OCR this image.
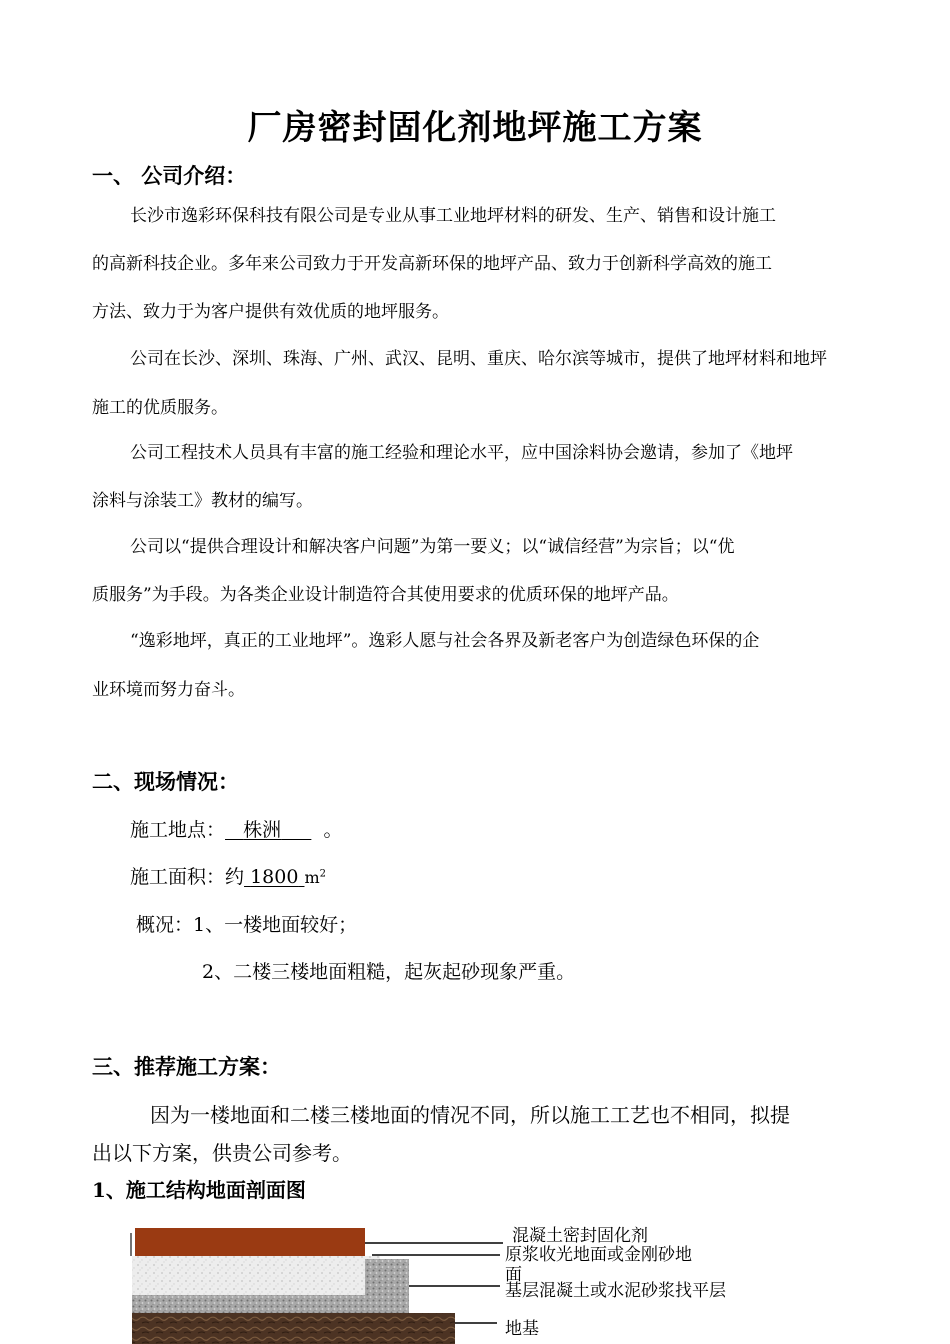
厂房密封固化剂地坪施工方案
一、 公司介绍：
长沙市逸彩环保科技有限公司是专业从事工业地坪材料的研发、生产、销售和设计施工
的高新科技企业。多年来公司致力于开发高新环保的地坪产品、致力于创新科学高效的施工
方法、致力于为客户提供有效优质的地坪服务。
公司在长沙、深圳、珠海、广州、武汉、昆明、重庆、哈尔滨等城市，提供了地坪材料和地坪
施工的优质服务。
公司工程技术人员具有丰富的施工经验和理论水平，应中国涂料协会邀请，参加了《地坪
涂料与涂装工》教材的编写。
公司以“提供合理设计和解决客户问题”为第一要义；以“诚信经营”为宗旨；以“优
质服务”为手段。为各类企业设计制造符合其使用要求的优质环保的地坪产品。
“逸彩地坪，真正的工业地坪”。逸彩人愿与社会各界及新老客户为创造绿色环保的企
业环境而努力奋斗。
二、现场情况：
施工地点： 株洲 。
施工面积：约 1800 $m^2$
概况：1、一楼地面较好；
2、二楼三楼地面粗糙，起灰起砂现象严重。
三、推荐施工方案：
因为一楼地面和二楼三楼地面的情况不同，所以施工工艺也不相同，拟提
出以下方案，供贵公司参考。
1、施工结构地面剖面图
混凝土密封固化剂
原浆收光地面或金刚砂地
面
基层混凝土或水泥砂浆找平层
地基
